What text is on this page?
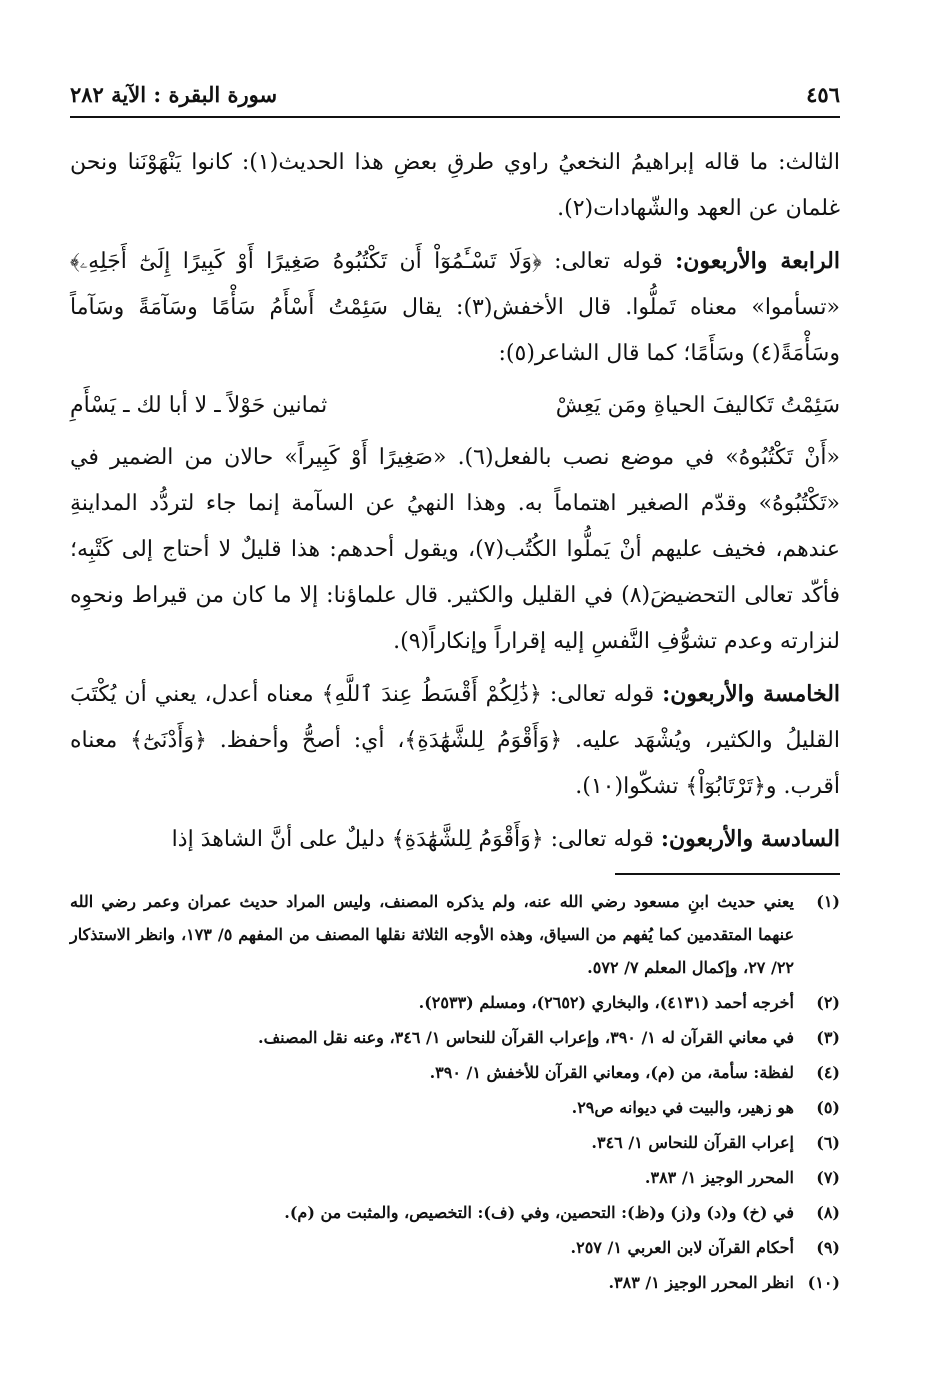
٤٥٦
سورة البقرة : الآية ٢٨٢

الثالث: ما قاله إبراهيمُ النخعيُ راوي طرقِ بعضِ هذا الحديث(١): كانوا يَنْهَوْنَنا ونحن غلمان عن العهد والشّهادات(٢).

الرابعة والأربعون: قوله تعالى: ﴿وَلَا تَسْـَٔمُوٓاْ أَن تَكْتُبُوهُ صَغِيرًا أَوْ كَبِيرًا إِلَىٰٓ أَجَلِهِۦ﴾ «تسأموا» معناه تَملُّوا. قال الأخفش(٣): يقال سَئِمْتُ أَسْأَمُ سَأْمًا وسَآمَةً وسَآماً وسَأْمَةً(٤) وسَأَمًا؛ كما قال الشاعر(٥):

سَئِمْتُ تَكاليفَ الحياةِ ومَن يَعِشْ
ثمانين حَوْلاً ـ لا أبا لك ـ يَسْأَمِ

«أَنْ تَكْتُبُوهُ» في موضع نصب بالفعل(٦). «صَغِيرًا أَوْ كَبِيراً» حالان من الضمير في «تَكْتُبُوهُ» وقدّم الصغير اهتماماً به. وهذا النهيُ عن السآمة إنما جاء لتردُّد المداينةِ عندهم، فخيف عليهم أنْ يَملُّوا الكُتُب(٧)، ويقول أحدهم: هذا قليلٌ لا أحتاج إلى كَتْبِه؛ فأكّد تعالى التحضيضَ(٨) في القليل والكثير. قال علماؤنا: إلا ما كان من قيراط ونحوِه لنزارته وعدم تشوُّفِ النَّفسِ إليه إقراراً وإنكاراً(٩).

الخامسة والأربعون: قوله تعالى: ﴿ذَٰلِكُمْ أَقْسَطُ عِندَ ٱللَّهِ﴾ معناه أعدل، يعني أن يُكْتَبَ القليلُ والكثير، ويُشْهَد عليه. ﴿وَأَقْوَمُ لِلشَّهَٰدَةِ﴾، أي: أصحُّ وأحفظ. ﴿وَأَدْنَىٰٓ﴾ معناه أقرب. و﴿تَرْتَابُوٓاْ﴾ تشكّوا(١٠).

السادسة والأربعون: قوله تعالى: ﴿وَأَقْوَمُ لِلشَّهَٰدَةِ﴾ دليلٌ على أنَّ الشاهدَ إذا

(١)
يعني حديث ابنِ مسعود رضي الله عنه، ولم يذكره المصنف، وليس المراد حديث عمران وعمر رضي الله عنهما المتقدمين كما يُفهم من السياق، وهذه الأوجه الثلاثة نقلها المصنف من المفهم ٥/ ١٧٣، وانظر الاستذكار ٢٢/ ٢٧، وإكمال المعلم ٧/ ٥٧٢.
(٢)
أخرجه أحمد (٤١٣١)، والبخاري (٢٦٥٢)، ومسلم (٢٥٣٣).
(٣)
في معاني القرآن له ١/ ٣٩٠، وإعراب القرآن للنحاس ١/ ٣٤٦، وعنه نقل المصنف.
(٤)
لفظة: سأمة، من (م)، ومعاني القرآن للأخفش ١/ ٣٩٠.
(٥)
هو زهير، والبيت في ديوانه ص٢٩.
(٦)
إعراب القرآن للنحاس ١/ ٣٤٦.
(٧)
المحرر الوجيز ١/ ٣٨٣.
(٨)
في (خ) و(د) و(ز) و(ظ): التحصين، وفي (ف): التخصيص، والمثبت من (م).
(٩)
أحكام القرآن لابن العربي ١/ ٢٥٧.
(١٠)
انظر المحرر الوجيز ١/ ٣٨٣.
